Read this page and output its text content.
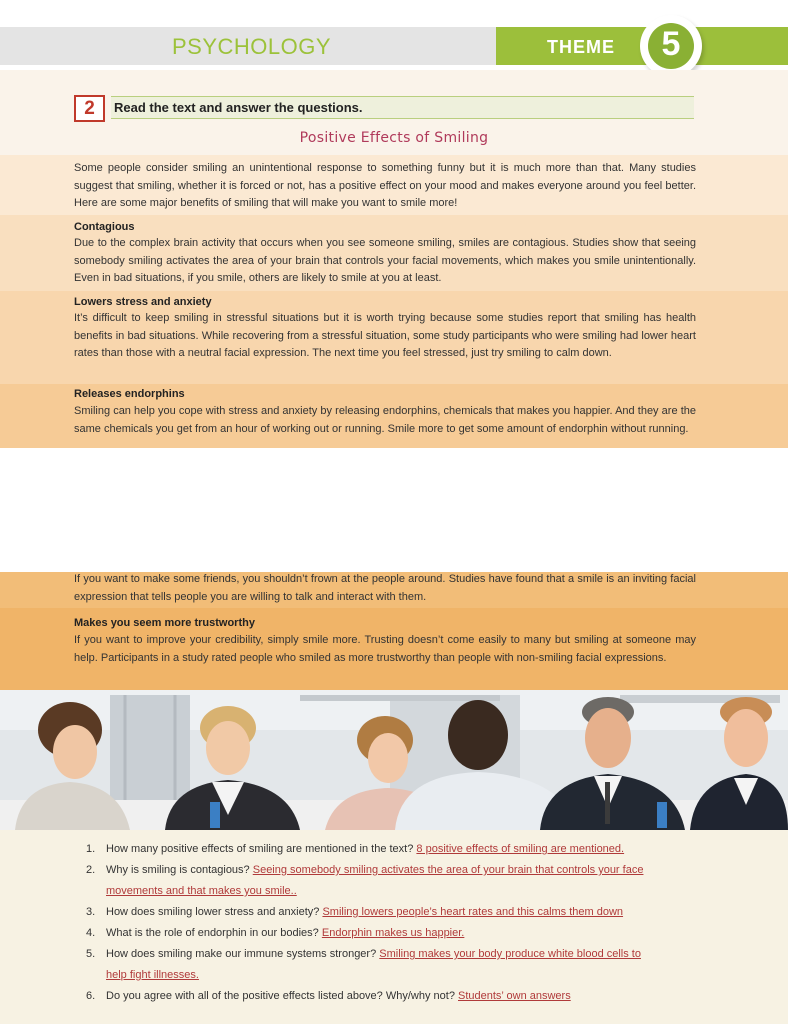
PSYCHOLOGY	THEME	5
2	Read the text and answer the questions.
Positive Effects of Smiling
Some people consider smiling an unintentional response to something funny but it is much more than that. Many studies suggest that smiling, whether it is forced or not, has a positive effect on your mood and makes everyone around you feel better. Here are some major benefits of smiling that will make you want to smile more!
Contagious
Due to the complex brain activity that occurs when you see someone smiling, smiles are contagious. Studies show that seeing somebody smiling activates the area of your brain that controls your facial movements, which makes you smile unintentionally. Even in bad situations, if you smile, others are likely to smile at you at least.
Lowers stress and anxiety
It’s difficult to keep smiling in stressful situations but it is worth trying because some studies report that smiling has health benefits in bad situations. While recovering from a stressful situation, some study participants who were smiling had lower heart rates than those with a neutral facial expression. The next time you feel stressed, just try smiling to calm down.
Releases endorphins
Smiling can help you cope with stress and anxiety by releasing endorphins, chemicals that makes you happier. And they are the same chemicals you get from an hour of working out or running. Smile more to get some amount of endorphin without running.
If you want to make some friends, you shouldn’t frown at the people around. Studies have found that a smile is an inviting facial expression that tells people you are willing to talk and interact with them.
Makes you seem more trustworthy
If you want to improve your credibility, simply smile more. Trusting doesn’t come easily to many but smiling at someone may help. Participants in a study rated people who smiled as more trustworthy than people with non-smiling facial expressions.
1. How many positive effects of smiling are mentioned in the text? 8 positive effects of smiling are mentioned.
2. Why is smiling is contagious? Seeing somebody smiling activates the area of your brain that controls your face
movements and that makes you smile..
3. How does smiling lower stress and anxiety? Smiling lowers people’s heart rates and this calms them down
4. What is the role of endorphin in our bodies? Endorphin makes us happier.
5. How does smiling make our immune systems stronger? Smiling makes your body produce white blood cells to
help fight illnesses.
6. Do you agree with all of the positive effects listed above? Why/why not? Students’ own answers
